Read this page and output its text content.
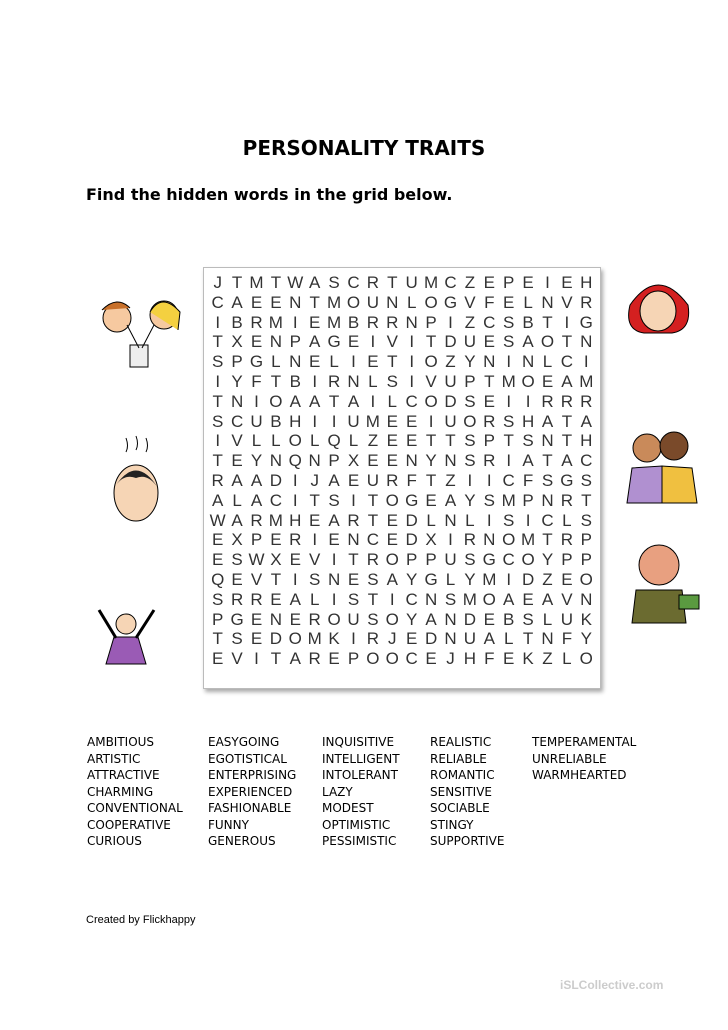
PERSONALITY TRAITS
Find the hidden words in the grid below.
J T M T W A S C R T U M C Z E P E I E H
C A E E N T M O U N L O G V F E L N V R
I B R M I E M B R R N P I Z C S B T I G
T X E N P A G E I V I T D U E S A O T N
S P G L N E L I E T I O Z Y N I N L C I
I Y F T B I R N L S I V U P T M O E A M
T N I O A A T A I L C O D S E I I R R R
S C U B H I I U M E E I U O R S H A T A
I V L L O L Q L Z E E T T S P T S N T H
T E Y N Q N P X E E N Y N S R I A T A C
R A A D I J A E U R F T Z I I C F S G S
A L A C I T S I T O G E A Y S M P N R T
W A R M H E A R T E D L N L I S I C L S
E X P E R I E N C E D X I R N O M T R P
E S W X E V I T R O P P U S G C O Y P P
Q E V T I S N E S A Y G L Y M I D Z E O
S R R E A L I S T I C N S M O A E A V N
P G E N E R O U S O Y A N D E B S L U K
T S E D O M K I R J E D N U A L T N F Y
E V I T A R E P O O C E J H F E K Z L O
AMBITIOUS
ARTISTIC
ATTRACTIVE
CHARMING
CONVENTIONAL
COOPERATIVE
CURIOUS
EASYGOING
EGOTISTICAL
ENTERPRISING
EXPERIENCED
FASHIONABLE
FUNNY
GENEROUS
INQUISITIVE
INTELLIGENT
INTOLERANT
LAZY
MODEST
OPTIMISTIC
PESSIMISTIC
REALISTIC
RELIABLE
ROMANTIC
SENSITIVE
SOCIABLE
STINGY
SUPPORTIVE
TEMPERAMENTAL
UNRELIABLE
WARMHEARTED
Created by Flickhappy
iSLCollective.com
